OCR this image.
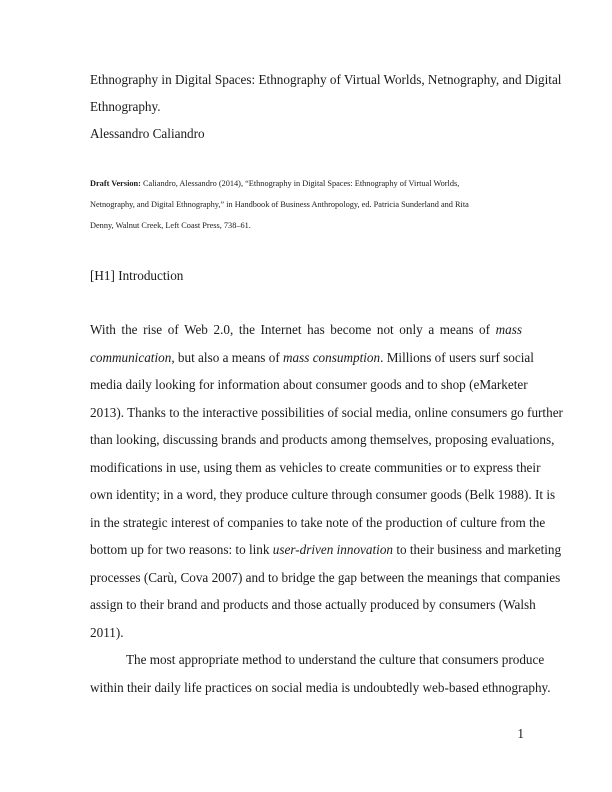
Ethnography in Digital Spaces: Ethnography of Virtual Worlds, Netnography, and Digital
Ethnography.
Alessandro Caliandro
Draft Version: Caliandro, Alessandro (2014), “Ethnography in Digital Spaces: Ethnography of Virtual Worlds,
Netnography, and Digital Ethnography,” in Handbook of Business Anthropology, ed. Patricia Sunderland and Rita
Denny, Walnut Creek, Left Coast Press, 738–61.
[H1] Introduction
With the rise of Web 2.0, the Internet has become not only a means of mass
communication, but also a means of mass consumption. Millions of users surf social
media daily looking for information about consumer goods and to shop (eMarketer
2013). Thanks to the interactive possibilities of social media, online consumers go further
than looking, discussing brands and products among themselves, proposing evaluations,
modifications in use, using them as vehicles to create communities or to express their
own identity; in a word, they produce culture through consumer goods (Belk 1988). It is
in the strategic interest of companies to take note of the production of culture from the
bottom up for two reasons: to link user-driven innovation to their business and marketing
processes (Carù, Cova 2007) and to bridge the gap between the meanings that companies
assign to their brand and products and those actually produced by consumers (Walsh
2011).
The most appropriate method to understand the culture that consumers produce
within their daily life practices on social media is undoubtedly web-based ethnography.
1
